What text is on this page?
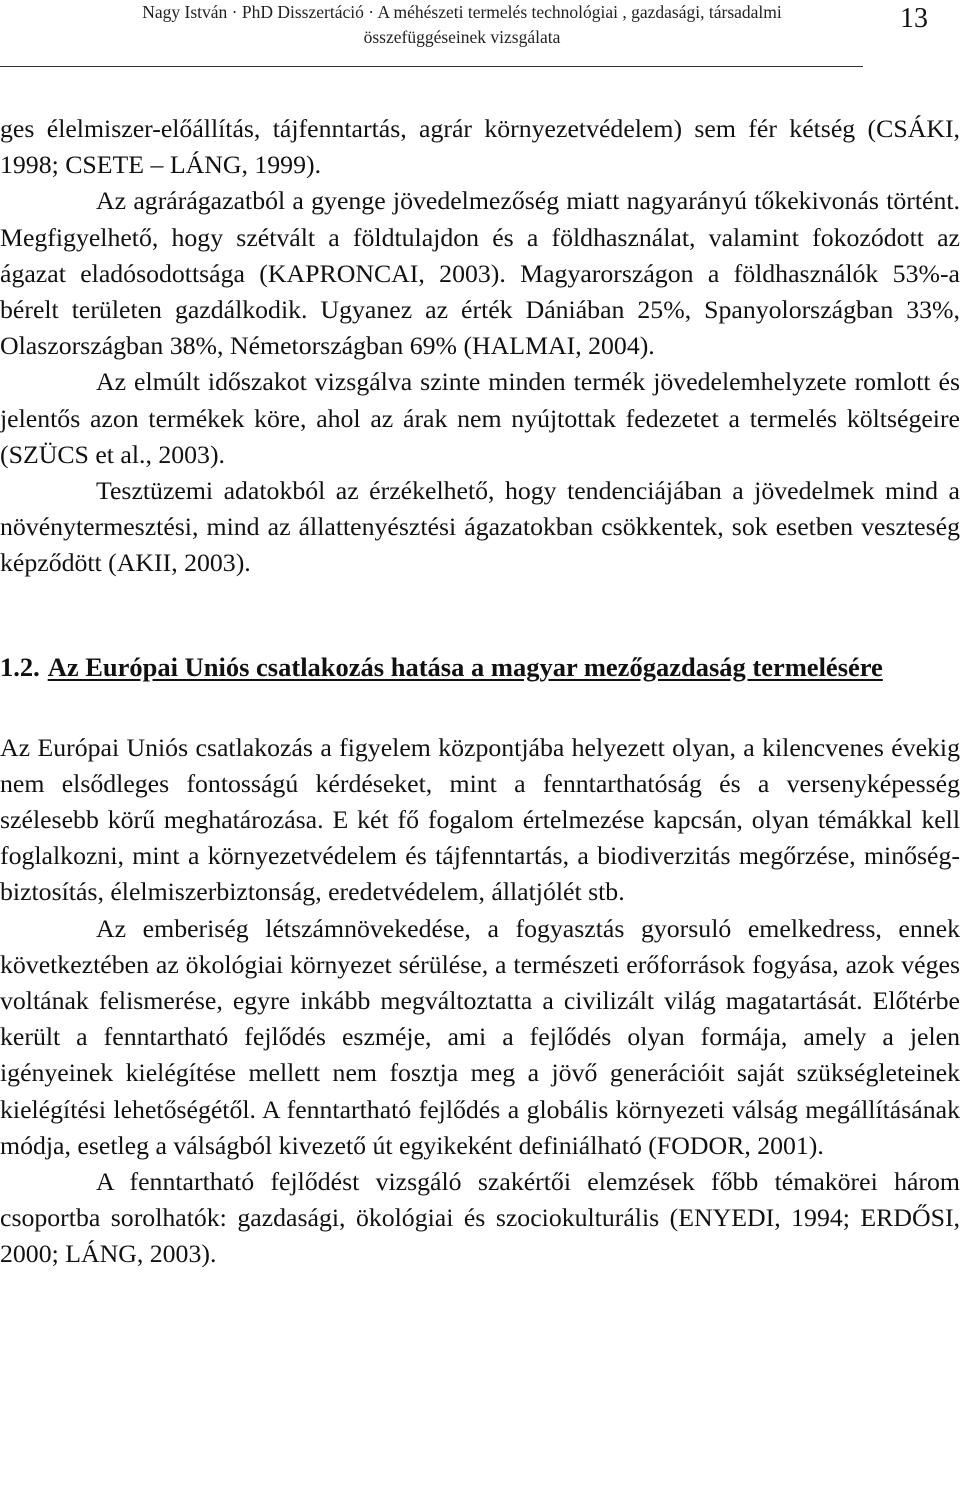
Nagy István · PhD Disszertáció · A méhészeti termelés technológiai , gazdasági, társadalmi
összefüggéseinek vizsgálata
13

ges élelmiszer-előállítás, tájfenntartás, agrár környezetvédelem) sem fér kétség (CSÁKI, 1998; CSETE – LÁNG, 1999).

Az agrárágazatból a gyenge jövedelmezőség miatt nagyarányú tőkekivonás történt. Megfigyelhető, hogy szétvált a földtulajdon és a földhasználat, valamint fokozódott az ágazat eladósodottsága (KAPRONCAI, 2003). Magyarországon a földhasználók 53%-a bérelt területen gazdálkodik. Ugyanez az érték Dániában 25%, Spanyolországban 33%, Olaszországban 38%, Németországban 69% (HALMAI, 2004).

Az elmúlt időszakot vizsgálva szinte minden termék jövedelemhelyzete romlott és jelentős azon termékek köre, ahol az árak nem nyújtottak fedezetet a termelés költségeire (SZÜCS et al., 2003).

Tesztüzemi adatokból az érzékelhető, hogy tendenciájában a jövedelmek mind a növénytermesztési, mind az állattenyésztési ágazatokban csökkentek, sok esetben veszteség képződött (AKII, 2003).

1.2. Az Európai Uniós csatlakozás hatása a magyar mezőgazdaság termelésére

Az Európai Uniós csatlakozás a figyelem központjába helyezett olyan, a kilencvenes évekig nem elsődleges fontosságú kérdéseket, mint a fenntarthatóság és a versenyképesség szélesebb körű meghatározása. E két fő fogalom értelmezése kapcsán, olyan témákkal kell foglalkozni, mint a környezetvédelem és tájfenntartás, a biodiverzitás megőrzése, minőségbiztosítás, élelmiszerbiztonság, eredetvédelem, állatjólét stb.

Az emberiség létszámnövekedése, a fogyasztás gyorsuló emelkedress, ennek következtében az ökológiai környezet sérülése, a természeti erőforrások fogyása, azok véges voltának felismerése, egyre inkább megváltoztatta a civilizált világ magatartását. Előtérbe került a fenntartható fejlődés eszméje, ami a fejlődés olyan formája, amely a jelen igényeinek kielégítése mellett nem fosztja meg a jövő generációit saját szükségleteinek kielégítési lehetőségétől. A fenntartható fejlődés a globális környezeti válság megállításának módja, esetleg a válságból kivezető út egyikeként definiálható (FODOR, 2001).

A fenntartható fejlődést vizsgáló szakértői elemzések főbb témakörei három csoportba sorolhatók: gazdasági, ökológiai és szociokulturális (ENYEDI, 1994; ERDŐSI, 2000; LÁNG, 2003).
